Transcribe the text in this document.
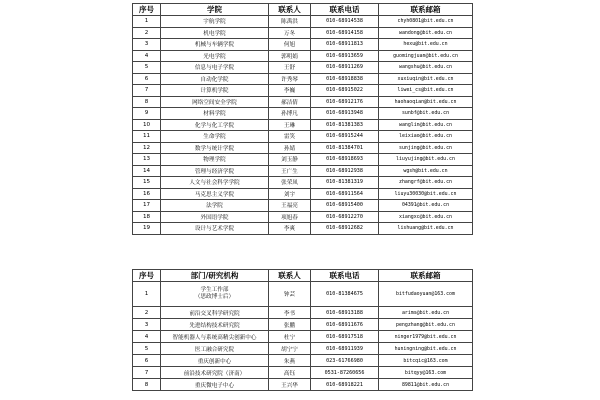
序号	学院	联系人	联系电话	联系邮箱
1	宇航学院	陈禹洪	010-68914538	chyh0801@bit.edu.cn
2	机电学院	万冬	010-68914158	wandong@bit.edu.cn
3	机械与车辆学院	何旭	010-68911813	hexu@bit.edu.cn
4	光电学院	郭明娟	010-68913659	guomingjuan@bit.edu.cn
5	信息与电子学院	王舒	010-68911269	wangshu@bit.edu.cn
6	自动化学院	许秀琴	010-68918838	xuxiuqin@bit.edu.cn
7	计算机学院	李巍	010-68915022	liwei_cs@bit.edu.cn
8	网络空间安全学院	郝洁倩	010-68912176	haohaoqian@bit.edu.cn
9	材料学院	孙博凡	010-68913948	sunbf@bit.edu.cn
10	化学与化工学院	王琳	010-81381383	wanglin@bit.edu.cn
11	生命学院	雷笑	010-68915244	leixiao@bit.edu.cn
12	数学与统计学院	孙婧	010-81384701	sunjing@bit.edu.cn
13	物理学院	刘玉静	010-68918693	liuyujing@bit.edu.cn
14	管理与经济学院	王广生	010-68912938	wgsh@bit.edu.cn
15	人文与社会科学学院	张荣凤	010-81381319	zhangrf@bit.edu.cn
16	马克思主义学院	刘宇	010-68911564	liuyu30030@bit.edu.cn
17	法学院	王福亮	010-68915400	04391@bit.edu.cn
18	外国语学院	项旭春	010-68912270	xiangxc@bit.edu.cn
19	设计与艺术学院	李爽	010-68912682	lishuang@bit.edu.cn
序号	部门/研究机构	联系人	联系电话	联系邮箱
1	学生工作部
（思政博士后）	钟芸	010-81384675	bitfudaoyuan@163.com
2	前沿交叉科学研究院	李书	010-68913188	arims@bit.edu.cn
3	先进结构技术研究院	张鹏	010-68911676	pengzhang@bit.edu.cn
4	智能机器人与系统高精尖创新中心	杜宁	010-68917518	ninger1979@bit.edu.cn
5	医工融合研究院	胡宁宁	010-68911939	huningning@bit.edu.cn
6	重庆创新中心	朱燕	023-61766980	bitcqic@163.com
7	前沿技术研究院（济南）	高钰	0531-87260656	bitqyy@163.com
8	重庆微电子中心	王兴华	010-68918221	89811@bit.edu.cn
